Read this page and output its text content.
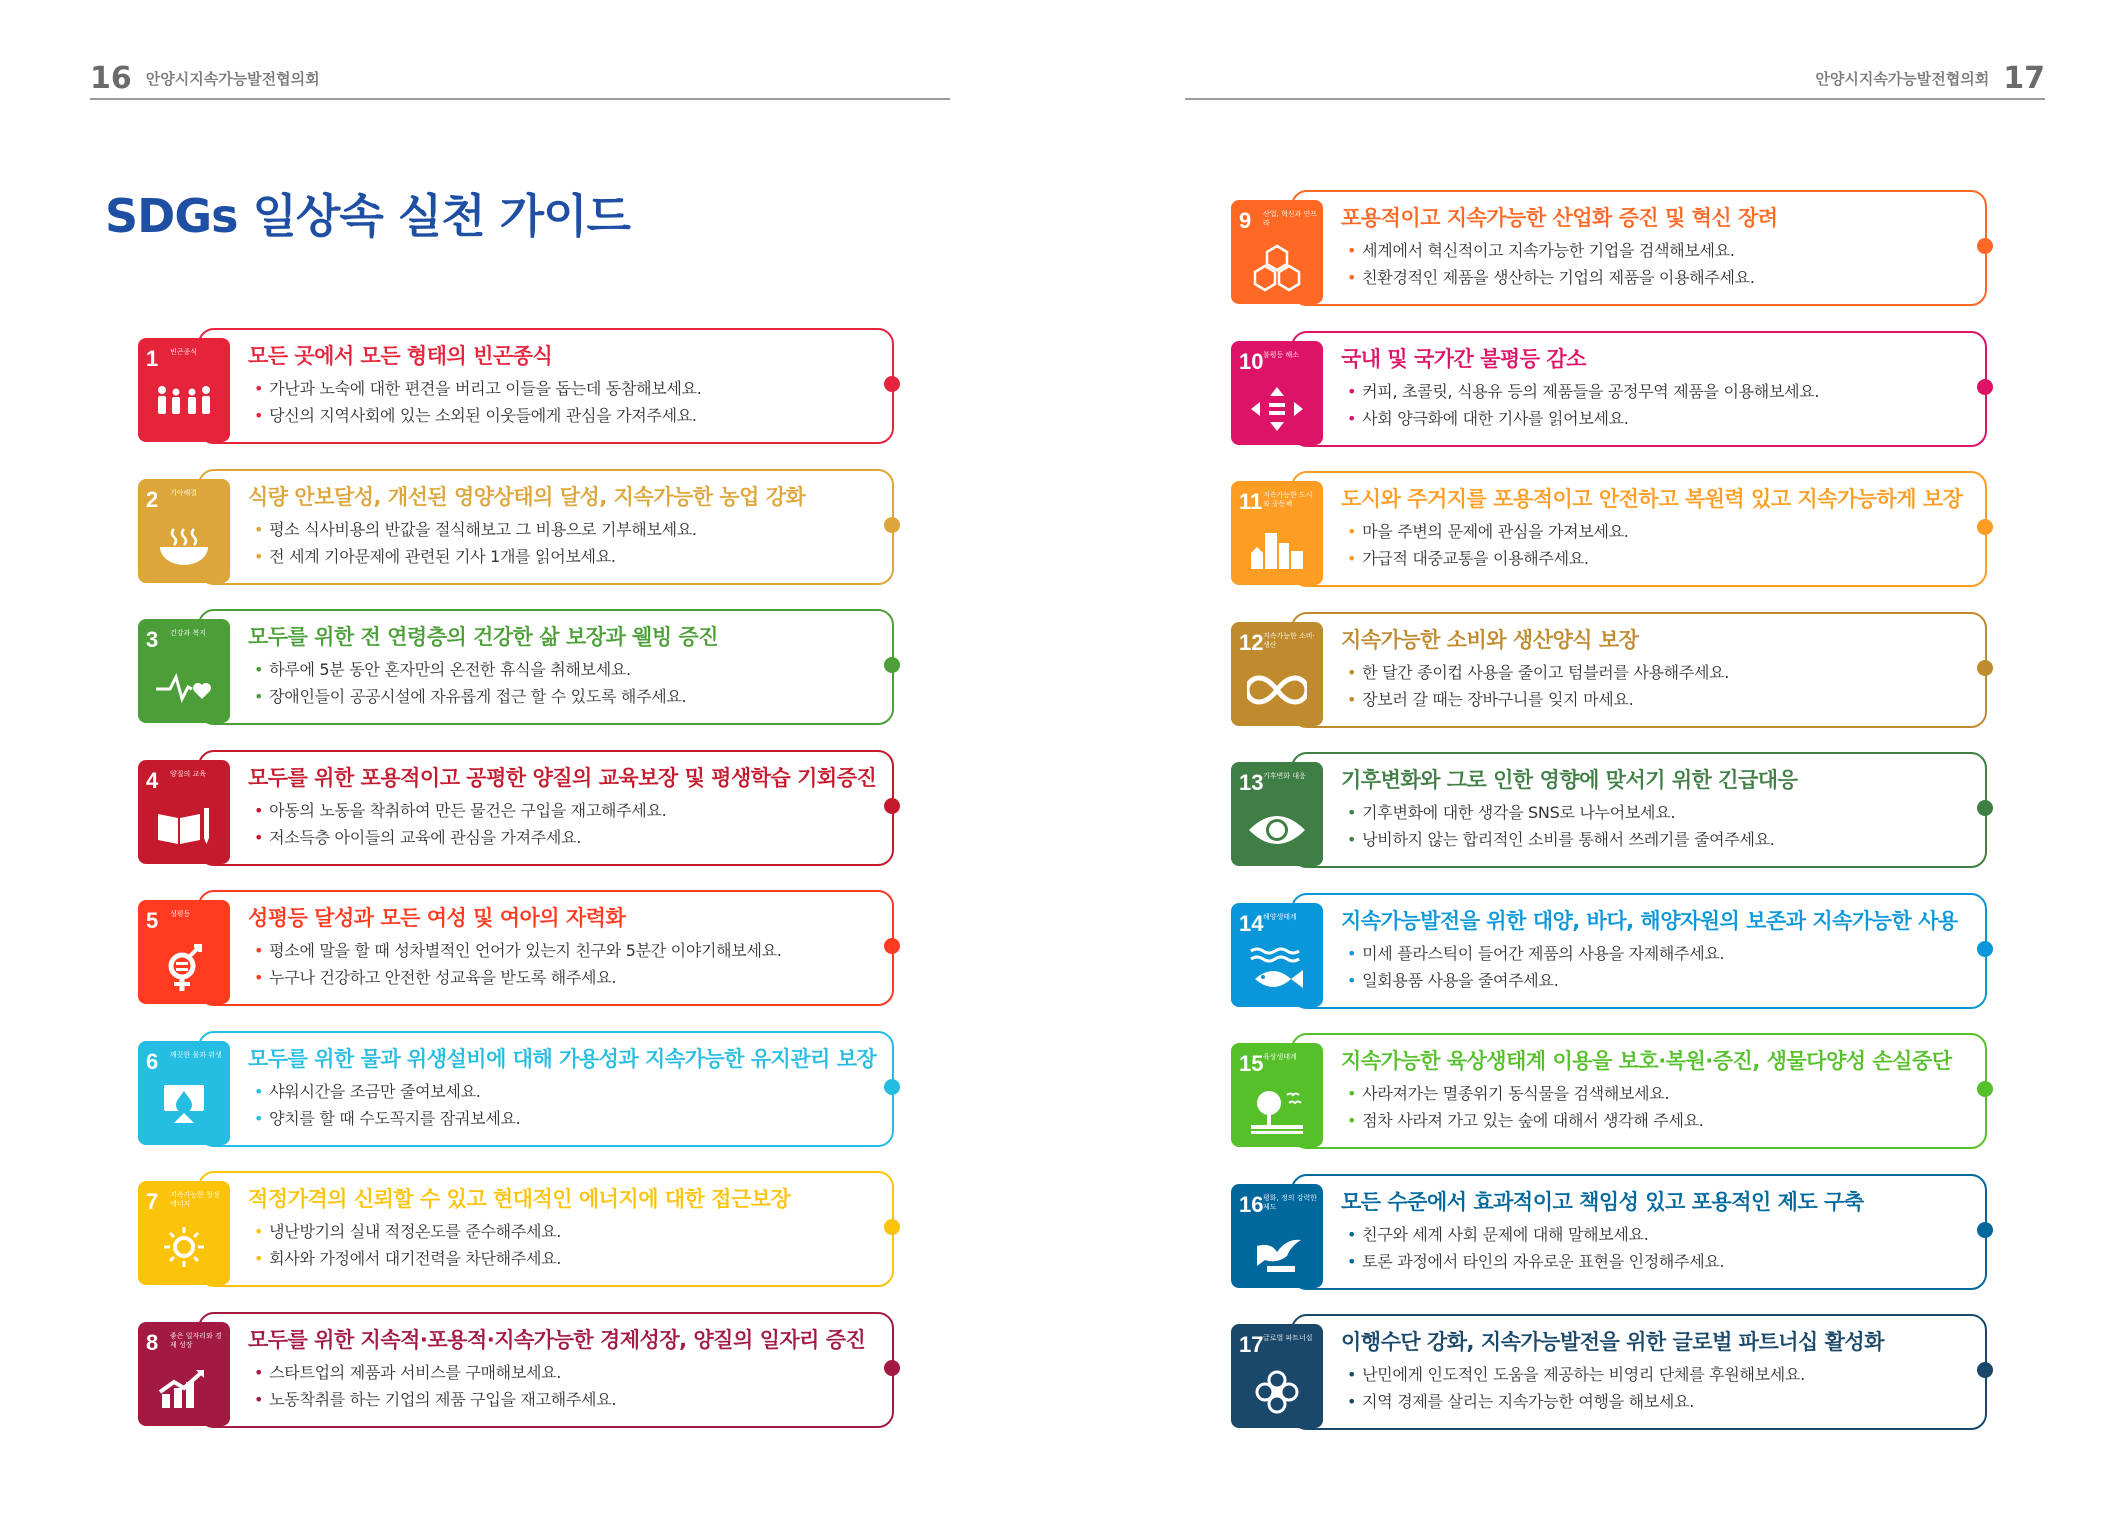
16 안양시지속가능발전협의회	안양시지속가능발전협의회 17
SDGs 일상속 실천 가이드
1 빈곤종식	모든 곳에서 모든 형태의 빈곤종식
• 가난과 노숙에 대한 편견을 버리고 이들을 돕는데 동참해보세요.
• 당신의 지역사회에 있는 소외된 이웃들에게 관심을 가져주세요.
2 기아해결	식량 안보달성, 개선된 영양상태의 달성, 지속가능한 농업 강화
• 평소 식사비용의 반값을 절식해보고 그 비용으로 기부해보세요.
• 전 세계 기아문제에 관련된 기사 1개를 읽어보세요.
3 건강과 복지	모두를 위한 전 연령층의 건강한 삶 보장과 웰빙 증진
• 하루에 5분 동안 혼자만의 온전한 휴식을 취해보세요.
• 장애인들이 공공시설에 자유롭게 접근 할 수 있도록 해주세요.
4 양질의 교육	모두를 위한 포용적이고 공평한 양질의 교육보장 및 평생학습 기회증진
• 아동의 노동을 착취하여 만든 물건은 구입을 재고해주세요.
• 저소득층 아이들의 교육에 관심을 가져주세요.
5 성평등	성평등 달성과 모든 여성 및 여아의 자력화
• 평소에 말을 할 때 성차별적인 언어가 있는지 친구와 5분간 이야기해보세요.
• 누구나 건강하고 안전한 성교육을 받도록 해주세요.
6 깨끗한 물과 위생 모두를 위한 물과 위생설비에 대해 가용성과 지속가능한 유지관리 보장
• 샤워시간을 조금만 줄여보세요.
• 양치를 할 때 수도꼭지를 잠궈보세요.
7 지속가능한 청정에너지	적정가격의 신뢰할 수 있고 현대적인 에너지에 대한 접근보장
• 냉난방기의 실내 적정온도를 준수해주세요.
• 회사와 가정에서 대기전력을 차단해주세요.
8 좋은 일자리와 경제 성장	모두를 위한 지속적·포용적·지속가능한 경제성장, 양질의 일자리 증진
• 스타트업의 제품과 서비스를 구매해보세요.
• 노동착취를 하는 기업의 제품 구입을 재고해주세요.
9 산업, 혁신과 인프라	포용적이고 지속가능한 산업화 증진 및 혁신 장려
• 세계에서 혁신적이고 지속가능한 기업을 검색해보세요.
• 친환경적인 제품을 생산하는 기업의 제품을 이용해주세요.
10 불평등 해소	국내 및 국가간 불평등 감소
• 커피, 초콜릿, 식용유 등의 제품들을 공정무역 제품을 이용해보세요.
• 사회 양극화에 대한 기사를 읽어보세요.
11 지속가능한 도시와 공동체	도시와 주거지를 포용적이고 안전하고 복원력 있고 지속가능하게 보장
• 마을 주변의 문제에 관심을 가져보세요.
• 가급적 대중교통을 이용해주세요.
12 지속가능한 소비·생산	지속가능한 소비와 생산양식 보장
• 한 달간 종이컵 사용을 줄이고 텀블러를 사용해주세요.
• 장보러 갈 때는 장바구니를 잊지 마세요.
13 기후변화 대응	기후변화와 그로 인한 영향에 맞서기 위한 긴급대응
• 기후변화에 대한 생각을 SNS로 나누어보세요.
• 낭비하지 않는 합리적인 소비를 통해서 쓰레기를 줄여주세요.
14 해양생태계	지속가능발전을 위한 대양, 바다, 해양자원의 보존과 지속가능한 사용
• 미세 플라스틱이 들어간 제품의 사용을 자제해주세요.
• 일회용품 사용을 줄여주세요.
15 육상생태계	지속가능한 육상생태계 이용을 보호·복원·증진, 생물다양성 손실중단
• 사라져가는 멸종위기 동식물을 검색해보세요.
• 점차 사라져 가고 있는 숲에 대해서 생각해 주세요.
16 평화, 정의 강력한 제도	모든 수준에서 효과적이고 책임성 있고 포용적인 제도 구축
• 친구와 세계 사회 문제에 대해 말해보세요.
• 토론 과정에서 타인의 자유로운 표현을 인정해주세요.
17 글로벌 파트너십	이행수단 강화, 지속가능발전을 위한 글로벌 파트너십 활성화
• 난민에게 인도적인 도움을 제공하는 비영리 단체를 후원해보세요.
• 지역 경제를 살리는 지속가능한 여행을 해보세요.
